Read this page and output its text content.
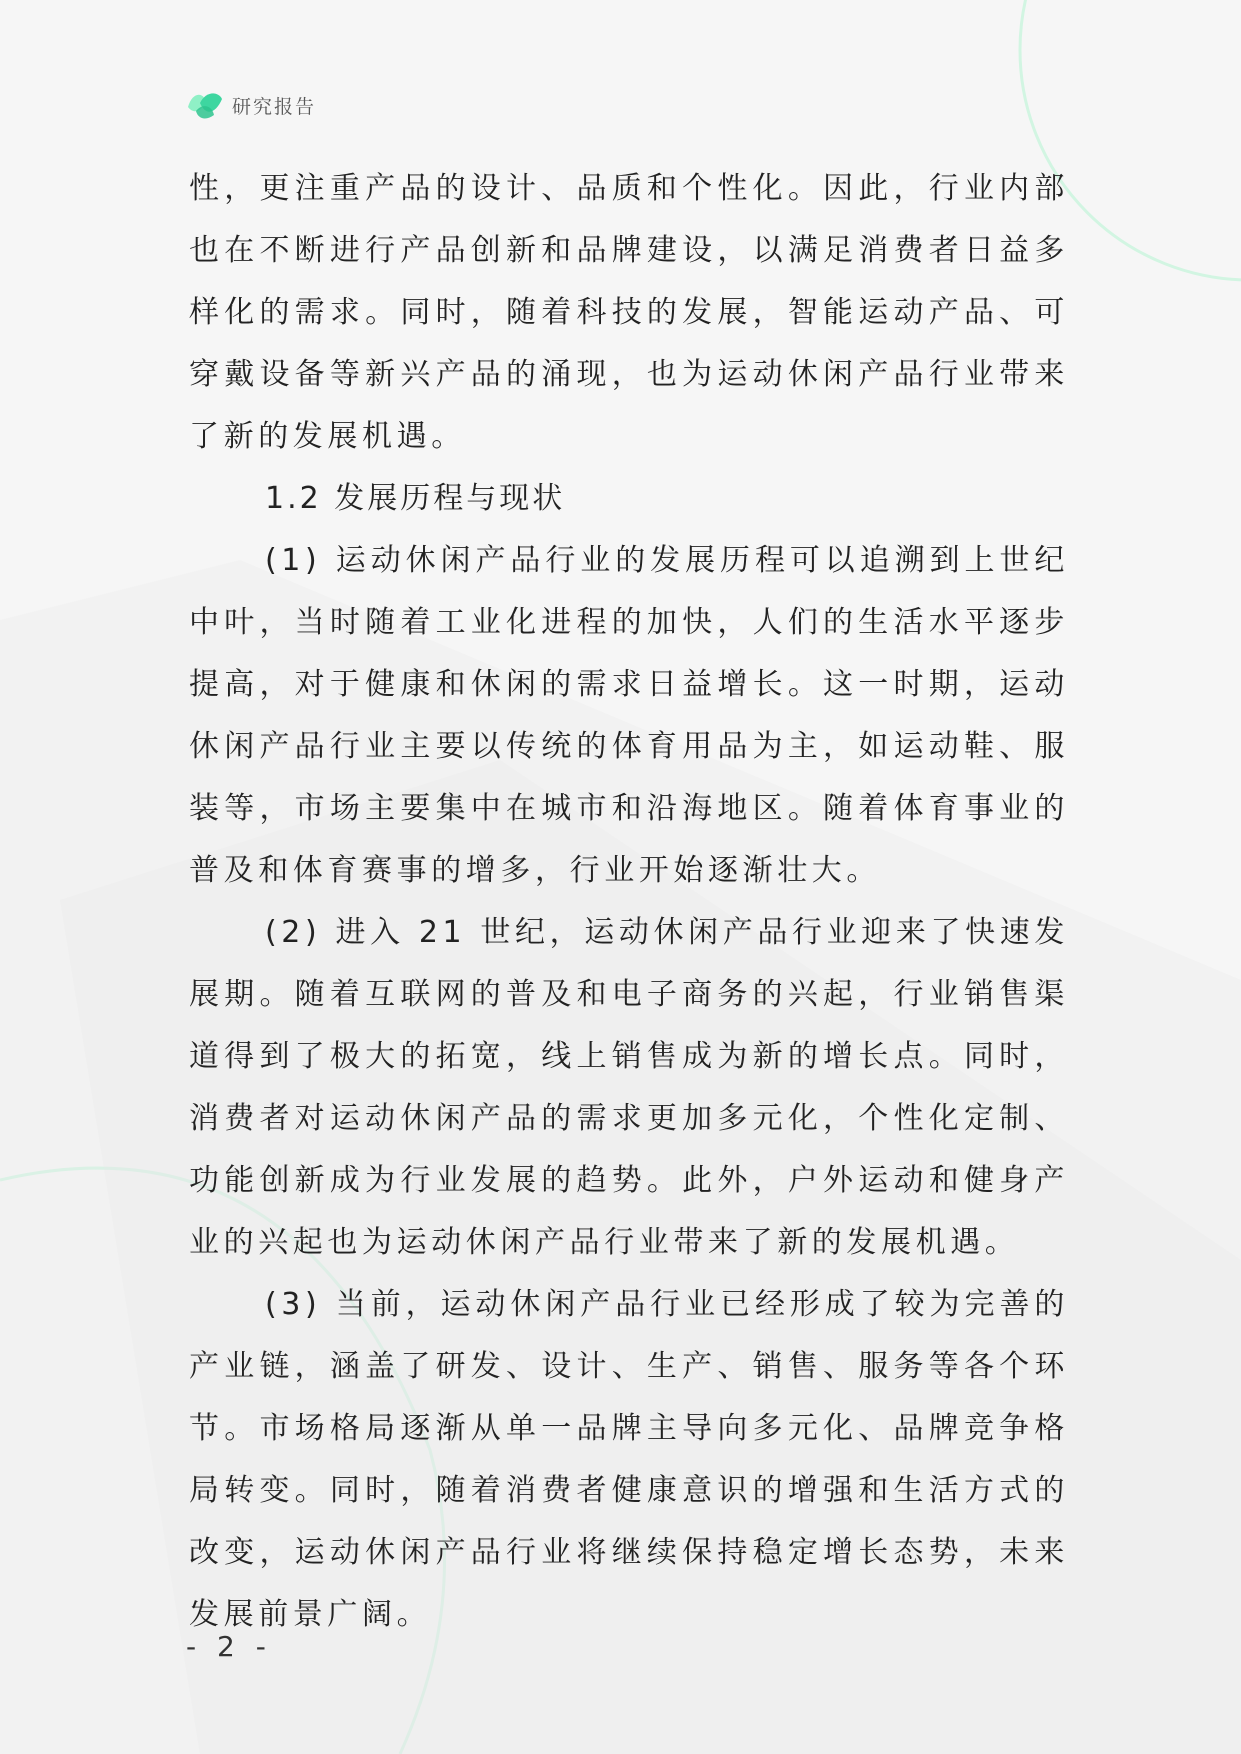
研究报告

性，更注重产品的设计、品质和个性化。因此，行业内部也在不断进行产品创新和品牌建设，以满足消费者日益多样化的需求。同时，随着科技的发展，智能运动产品、可穿戴设备等新兴产品的涌现，也为运动休闲产品行业带来了新的发展机遇。

1.2 发展历程与现状

(1) 运动休闲产品行业的发展历程可以追溯到上世纪中叶，当时随着工业化进程的加快，人们的生活水平逐步提高，对于健康和休闲的需求日益增长。这一时期，运动休闲产品行业主要以传统的体育用品为主，如运动鞋、服装等，市场主要集中在城市和沿海地区。随着体育事业的普及和体育赛事的增多，行业开始逐渐壮大。

(2) 进入 21 世纪，运动休闲产品行业迎来了快速发展期。随着互联网的普及和电子商务的兴起，行业销售渠道得到了极大的拓宽，线上销售成为新的增长点。同时，消费者对运动休闲产品的需求更加多元化，个性化定制、功能创新成为行业发展的趋势。此外，户外运动和健身产业的兴起也为运动休闲产品行业带来了新的发展机遇。

(3) 当前，运动休闲产品行业已经形成了较为完善的产业链，涵盖了研发、设计、生产、销售、服务等各个环节。市场格局逐渐从单一品牌主导向多元化、品牌竞争格局转变。同时，随着消费者健康意识的增强和生活方式的改变，运动休闲产品行业将继续保持稳定增长态势，未来发展前景广阔。

- 2 -
